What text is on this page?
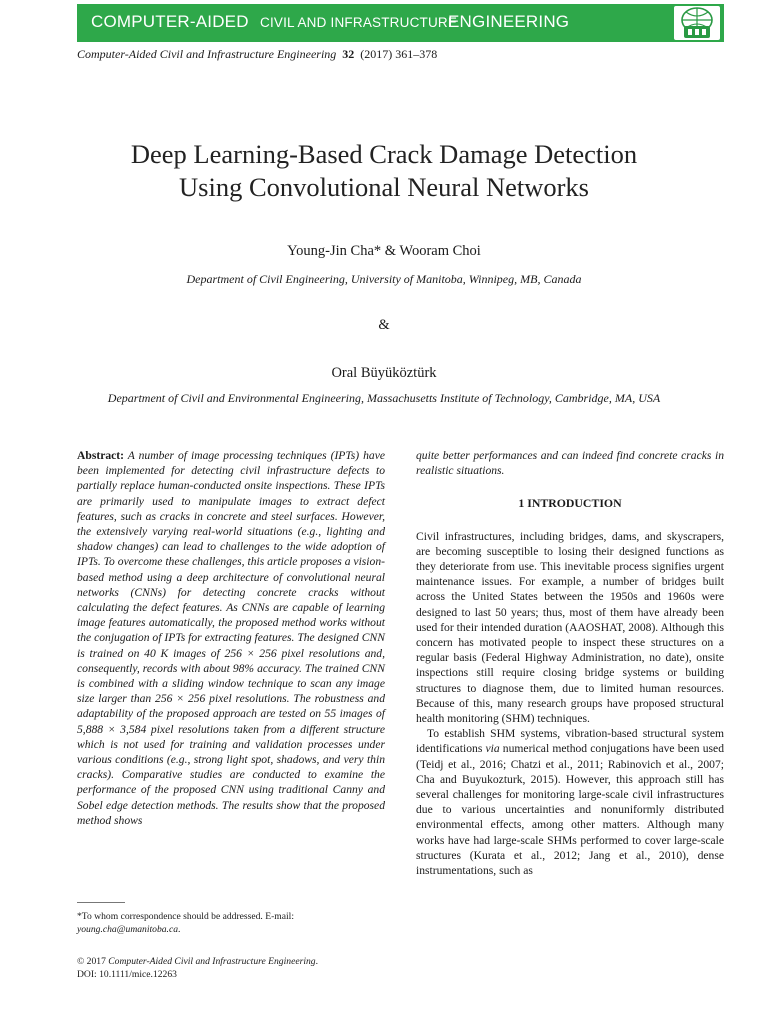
COMPUTER-AIDED CIVIL AND INFRASTRUCTURE
ENGINEERING
Computer-Aided Civil and Infrastructure Engineering 32 (2017) 361–378
Deep Learning-Based Crack Damage Detection
Using Convolutional Neural Networks
Young-Jin Cha* & Wooram Choi
Department of Civil Engineering, University of Manitoba, Winnipeg, MB, Canada
&
Oral Büyüköztürk
Department of Civil and Environmental Engineering, Massachusetts Institute of Technology, Cambridge, MA, USA
Abstract: A number of image processing techniques (IPTs) have been implemented for detecting civil infrastructure defects to partially replace human-conducted onsite inspections. These IPTs are primarily used to manipulate images to extract defect features, such as cracks in concrete and steel surfaces. However, the extensively varying real-world situations (e.g., lighting and shadow changes) can lead to challenges to the wide adoption of IPTs. To overcome these challenges, this article proposes a vision-based method using a deep architecture of convolutional neural networks (CNNs) for detecting concrete cracks without calculating the defect features. As CNNs are capable of learning image features automatically, the proposed method works without the conjugation of IPTs for extracting features. The designed CNN is trained on 40 K images of 256 × 256 pixel resolutions and, consequently, records with about 98% accuracy. The trained CNN is combined with a sliding window technique to scan any image size larger than 256 × 256 pixel resolutions. The robustness and adaptability of the proposed approach are tested on 55 images of 5,888 × 3,584 pixel resolutions taken from a different structure which is not used for training and validation processes under various conditions (e.g., strong light spot, shadows, and very thin cracks). Comparative studies are conducted to examine the performance of the proposed CNN using traditional Canny and Sobel edge detection methods. The results show that the proposed method shows

quite better performances and can indeed find concrete cracks in realistic situations.

1 INTRODUCTION

Civil infrastructures, including bridges, dams, and skyscrapers, are becoming susceptible to losing their designed functions as they deteriorate from use. This inevitable process signifies urgent maintenance issues. For example, a number of bridges built across the United States between the 1950s and 1960s were designed to last 50 years; thus, most of them have already been used for their intended duration (AAOSHAT, 2008). Although this concern has motivated people to inspect these structures on a regular basis (Federal Highway Administration, no date), onsite inspections still require closing bridge systems or building structures to diagnose them, due to limited human resources. Because of this, many research groups have proposed structural health monitoring (SHM) techniques.

To establish SHM systems, vibration-based structural system identifications via numerical method conjugations have been used (Teidj et al., 2016; Chatzi et al., 2011; Rabinovich et al., 2007; Cha and Buyukozturk, 2015). However, this approach still has several challenges for monitoring large-scale civil infrastructures due to various uncertainties and nonuniformly distributed environmental effects, among other matters. Although many works have had large-scale SHMs performed to cover large-scale structures (Kurata et al., 2012; Jang et al., 2010), dense instrumentations, such as

*To whom correspondence should be addressed. E-mail: young.cha@umanitoba.ca.
© 2017 Computer-Aided Civil and Infrastructure Engineering.
DOI: 10.1111/mice.12263
